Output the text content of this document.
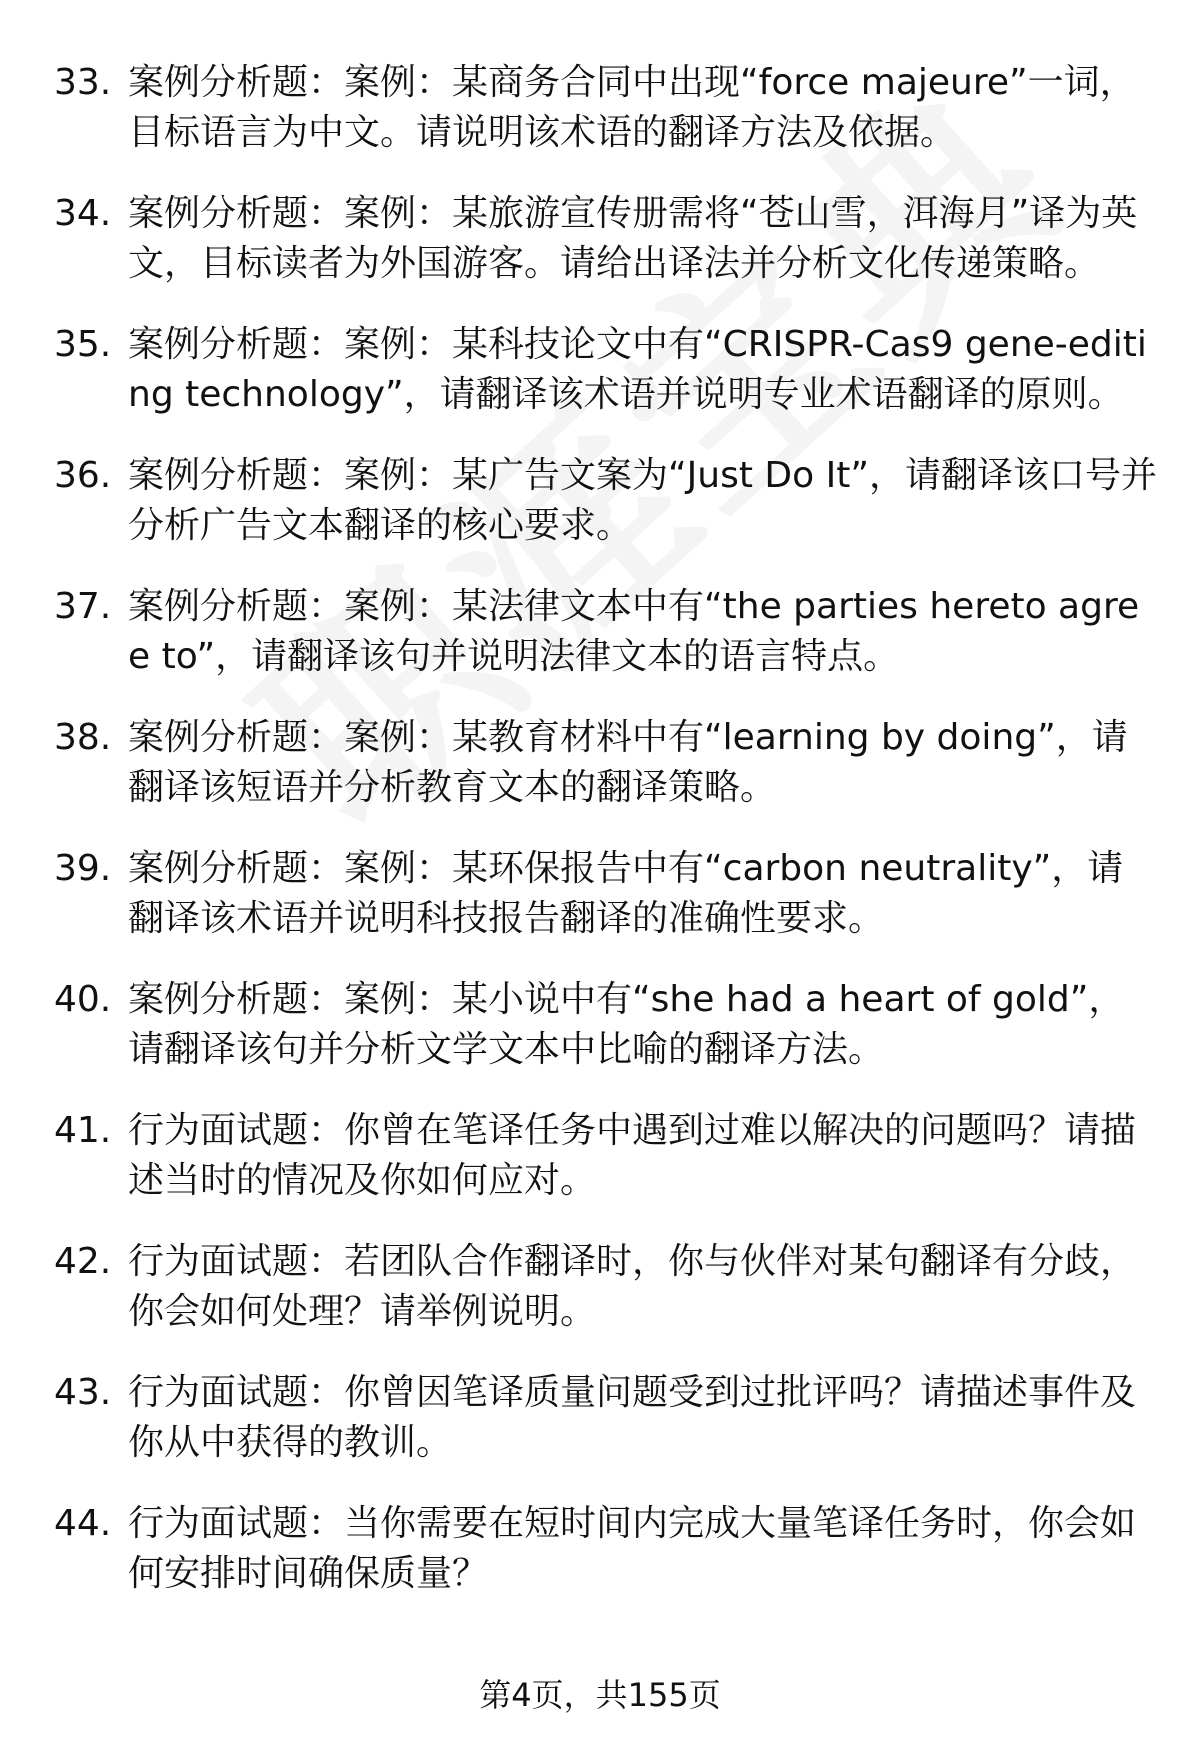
33. 案例分析题：案例：某商务合同中出现“force majeure”一词，目标语言为中文。请说明该术语的翻译方法及依据。
34. 案例分析题：案例：某旅游宣传册需将“苍山雪，洱海月”译为英文，目标读者为外国游客。请给出译法并分析文化传递策略。
35. 案例分析题：案例：某科技论文中有“CRISPR-Cas9 gene-editing technology”，请翻译该术语并说明专业术语翻译的原则。
36. 案例分析题：案例：某广告文案为“Just Do It”，请翻译该口号并分析广告文本翻译的核心要求。
37. 案例分析题：案例：某法律文本中有“the parties hereto agree to”，请翻译该句并说明法律文本的语言特点。
38. 案例分析题：案例：某教育材料中有“learning by doing”，请翻译该短语并分析教育文本的翻译策略。
39. 案例分析题：案例：某环保报告中有“carbon neutrality”，请翻译该术语并说明科技报告翻译的准确性要求。
40. 案例分析题：案例：某小说中有“she had a heart of gold”，请翻译该句并分析文学文本中比喻的翻译方法。
41. 行为面试题：你曾在笔译任务中遇到过难以解决的问题吗？请描述当时的情况及你如何应对。
42. 行为面试题：若团队合作翻译时，你与伙伴对某句翻译有分歧，你会如何处理？请举例说明。
43. 行为面试题：你曾因笔译质量问题受到过批评吗？请描述事件及你从中获得的教训。
44. 行为面试题：当你需要在短时间内完成大量笔译任务时，你会如何安排时间确保质量？
第4页，共155页
